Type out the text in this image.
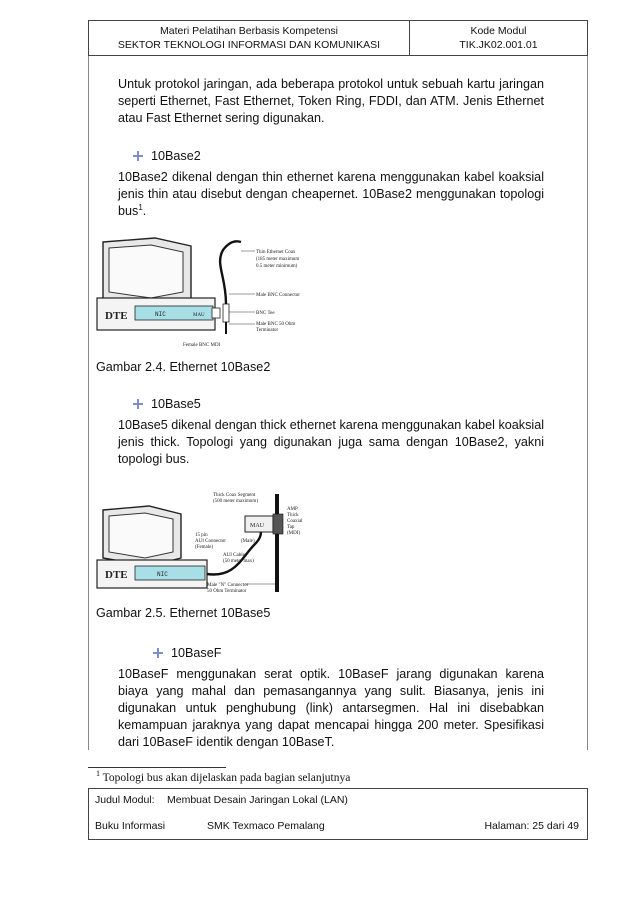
Materi Pelatihan Berbasis Kompetensi
SEKTOR TEKNOLOGI INFORMASI DAN KOMUNIKASI
Kode Modul
TIK.JK02.001.01
Untuk protokol jaringan, ada beberapa protokol untuk sebuah kartu jaringan seperti Ethernet, Fast Ethernet, Token Ring, FDDI, dan ATM. Jenis Ethernet atau Fast Ethernet sering digunakan.
10Base2
10Base2 dikenal dengan thin ethernet karena menggunakan kabel koaksial jenis thin atau disebut dengan cheapernet. 10Base2 menggunakan topologi bus$^1$.
DTE	NIC	MAU
Thin Ethernet Coax
(185 meter maximum
0.5 meter minimum)
Male BNC Connector
BNC Tee
Male BNC 50 Ohm
Terminator
Female BNC MDI
Gambar 2.4. Ethernet 10Base2
10Base5
10Base5 dikenal dengan thick ethernet karena menggunakan kabel koaksial jenis thick. Topologi yang digunakan juga sama dengan 10Base2, yakni topologi bus.
DTE	NIC
MAU
Thick Coax Segment
(500 meter maximum)
AMP
Thick
Coaxial
Tap
(MDI)
15 pin
AUI Connector
(Female)
(Male)
AUI Cable
(50 meter max)
Male "N" Connector
50 Ohm Terminator
Gambar 2.5. Ethernet 10Base5
10BaseF
10BaseF menggunakan serat optik. 10BaseF jarang digunakan karena biaya yang mahal dan pemasangannya yang sulit. Biasanya, jenis ini digunakan untuk penghubung (link) antarsegmen. Hal ini disebabkan kemampuan jaraknya yang dapat mencapai hingga 200 meter. Spesifikasi dari 10BaseF identik dengan 10BaseT.
$^1$ Topologi bus akan dijelaskan pada bagian selanjutnya
Judul Modul: Membuat Desain Jaringan Lokal (LAN)
Buku Informasi	SMK Texmaco Pemalang	Halaman: 25 dari 49
